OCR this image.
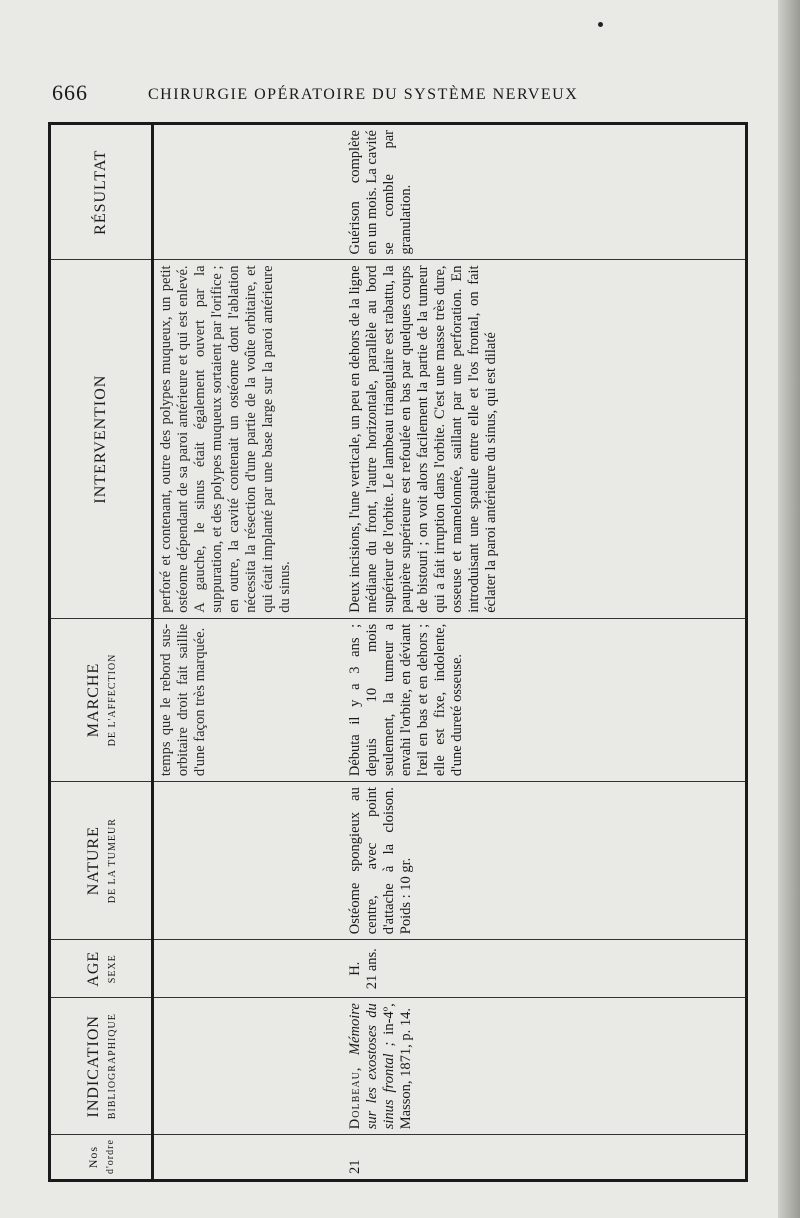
666	CHIRURGIE OPÉRATOIRE DU SYSTÈME NERVEUX
Nos d'ordre	INDICATION BIBLIOGRAPHIQUE	AGE SEXE	NATURE DE LA TUMEUR	MARCHE DE L'AFFECTION	INTERVENTION	RÉSULTAT

				temps que le rebord sus-orbitaire droit fait saillie d'une façon très marquée.	perforé et contenant, outre des polypes muqueux, un petit ostéome dépendant de sa paroi antérieure et qui est enlevé. A gauche, le sinus était également ouvert par la suppuration, et des polypes muqueux sortaient par l'orifice ; en outre, la cavité contenait un ostéome dont l'ablation nécessita la résection d'une partie de la voûte orbitaire, et qui était implanté par une base large sur la paroi antérieure du sinus.	
21	Dolbeau, Mémoire sur les exostoses du sinus frontal ; in-4º, Masson, 1871, p. 14.	H. 21 ans.	Ostéome spongieux au centre, avec point d'attache à la cloison. Poids : 10 gr.	Débuta il y a 3 ans ; depuis 10 mois seulement, la tumeur a envahi l'orbite, en déviant l'œil en bas et en dehors ; elle est fixe, indolente, d'une dureté osseuse.	Deux incisions, l'une verticale, un peu en dehors de la ligne médiane du front, l'autre horizontale, parallèle au bord supérieur de l'orbite. Le lambeau triangulaire est rabattu, la paupière supérieure est refoulée en bas par quelques coups de bistouri ; on voit alors facilement la partie de la tumeur qui a fait irruption dans l'orbite. C'est une masse très dure, osseuse et mamelonnée, saillant par une perforation. En introduisant une spatule entre elle et l'os frontal, on fait éclater la paroi antérieure du sinus, qui est dilaté	Guérison complète en un mois. La cavité se comble par granulation.
